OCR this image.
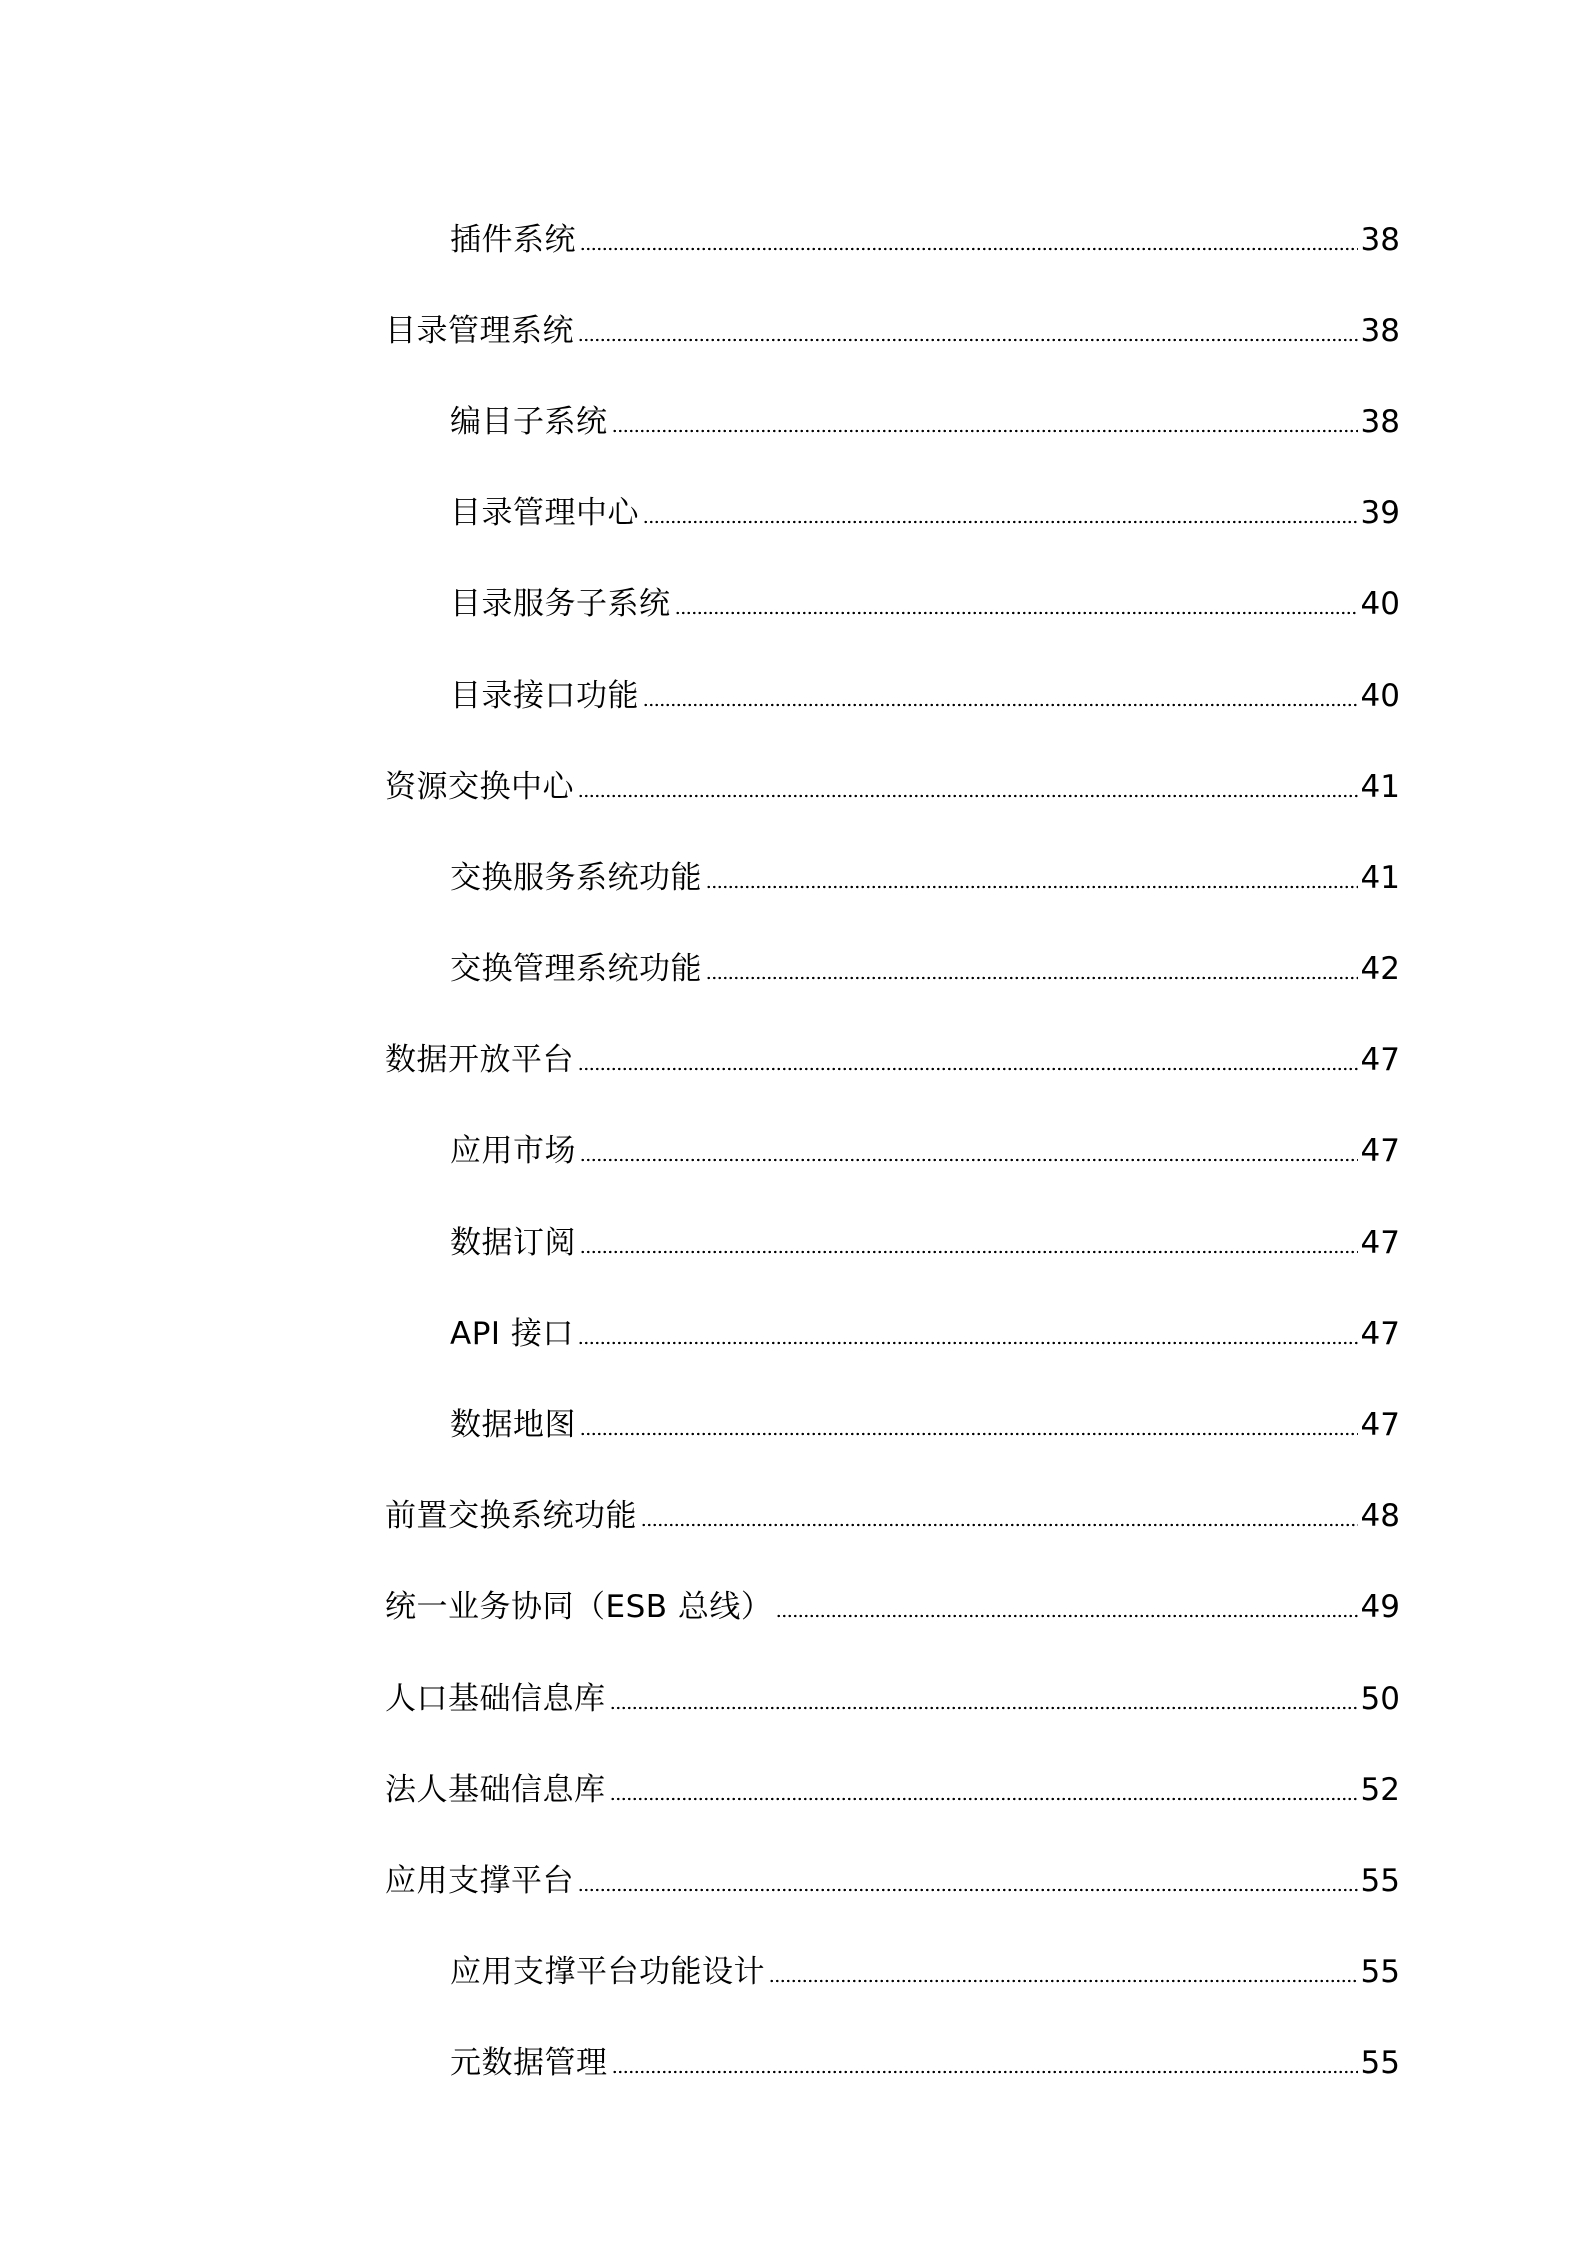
插件系统	38
目录管理系统	38
编目子系统	38
目录管理中心	39
目录服务子系统	40
目录接口功能	40
资源交换中心	41
交换服务系统功能	41
交换管理系统功能	42
数据开放平台	47
应用市场	47
数据订阅	47
API 接口	47
数据地图	47
前置交换系统功能	48
统一业务协同（ESB 总线）	49
人口基础信息库	50
法人基础信息库	52
应用支撑平台	55
应用支撑平台功能设计	55
元数据管理	55
